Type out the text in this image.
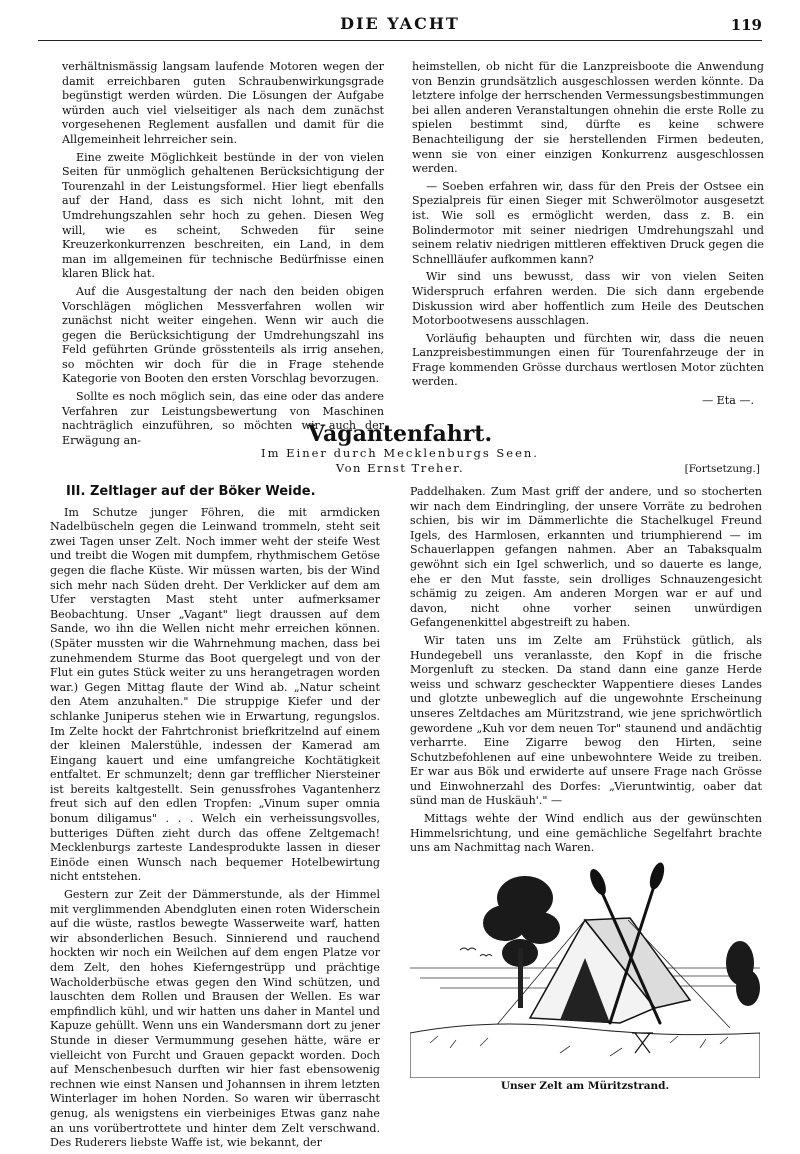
DIE YACHT	119

verhältnismässig langsam laufende Motoren wegen der damit erreichbaren guten Schraubenwirkungsgrade begünstigt werden würden. Die Lösungen der Aufgabe würden auch viel vielseitiger als nach dem zunächst vorgesehenen Reglement ausfallen und damit für die Allgemeinheit lehrreicher sein.

Eine zweite Möglichkeit bestünde in der von vielen Seiten für unmöglich gehaltenen Berücksichtigung der Tourenzahl in der Leistungsformel. Hier liegt ebenfalls auf der Hand, dass es sich nicht lohnt, mit den Umdrehungszahlen sehr hoch zu gehen. Diesen Weg will, wie es scheint, Schweden für seine Kreuzerkonkurrenzen beschreiten, ein Land, in dem man im allgemeinen für technische Bedürfnisse einen klaren Blick hat.

Auf die Ausgestaltung der nach den beiden obigen Vorschlägen möglichen Messverfahren wollen wir zunächst nicht weiter eingehen. Wenn wir auch die gegen die Berücksichtigung der Umdrehungszahl ins Feld geführten Gründe grösstenteils als irrig ansehen, so möchten wir doch für die in Frage stehende Kategorie von Booten den ersten Vorschlag bevorzugen.

Sollte es noch möglich sein, das eine oder das andere Verfahren zur Leistungsbewertung von Maschinen nachträglich einzuführen, so möchten wir auch der Erwägung an-

heimstellen, ob nicht für die Lanzpreisboote die Anwendung von Benzin grundsätzlich ausgeschlossen werden könnte. Da letztere infolge der herrschenden Vermessungsbestimmungen bei allen anderen Veranstaltungen ohnehin die erste Rolle zu spielen bestimmt sind, dürfte es keine schwere Benachteiligung der sie herstellenden Firmen bedeuten, wenn sie von einer einzigen Konkurrenz ausgeschlossen werden.

— Soeben erfahren wir, dass für den Preis der Ostsee ein Spezialpreis für einen Sieger mit Schwerölmotor ausgesetzt ist. Wie soll es ermöglicht werden, dass z. B. ein Bolindermotor mit seiner niedrigen Umdrehungszahl und seinem relativ niedrigen mittleren effektiven Druck gegen die Schnellläufer aufkommen kann?

Wir sind uns bewusst, dass wir von vielen Seiten Widerspruch erfahren werden. Die sich dann ergebende Diskussion wird aber hoffentlich zum Heile des Deutschen Motorbootwesens ausschlagen.

Vorläufig behaupten und fürchten wir, dass die neuen Lanzpreisbestimmungen einen für Tourenfahrzeuge der in Frage kommenden Grösse durchaus wertlosen Motor züchten werden.

— Eta —.
Vagantenfahrt.
Im Einer durch Mecklenburgs Seen.
Von Ernst Treher.	[Fortsetzung.]
III. Zeltlager auf der Böker Weide.

Im Schutze junger Föhren, die mit armdicken Nadelbüscheln gegen die Leinwand trommeln, steht seit zwei Tagen unser Zelt. Noch immer weht der steife West und treibt die Wogen mit dumpfem, rhythmischem Getöse gegen die flache Küste. Wir müssen warten, bis der Wind sich mehr nach Süden dreht. Der Verklicker auf dem am Ufer verstagten Mast steht unter aufmerksamer Beobachtung. Unser „Vagant" liegt draussen auf dem Sande, wo ihn die Wellen nicht mehr erreichen können. (Später mussten wir die Wahrnehmung machen, dass bei zunehmendem Sturme das Boot quergelegt und von der Flut ein gutes Stück weiter zu uns herangetragen worden war.) Gegen Mittag flaute der Wind ab. „Natur scheint den Atem anzuhalten." Die struppige Kiefer und der schlanke Juniperus stehen wie in Erwartung, regungslos. Im Zelte hockt der Fahrtchronist briefkritzelnd auf einem der kleinen Malerstühle, indessen der Kamerad am Eingang kauert und eine umfangreiche Kochtätigkeit entfaltet. Er schmunzelt; denn gar trefflicher Niersteiner ist bereits kaltgestellt. Sein genussfrohes Vagantenherz freut sich auf den edlen Tropfen: „Vinum super omnia bonum diligamus" . . . Welch ein verheissungsvolles, butteriges Düften zieht durch das offene Zeltgemach! Mecklenburgs zarteste Landesprodukte lassen in dieser Einöde einen Wunsch nach bequemer Hotelbewirtung nicht entstehen.

Gestern zur Zeit der Dämmerstunde, als der Himmel mit verglimmenden Abendgluten einen roten Widerschein auf die wüste, rastlos bewegte Wasserweite warf, hatten wir absonderlichen Besuch. Sinnierend und rauchend hockten wir noch ein Weilchen auf dem engen Platze vor dem Zelt, den hohes Kieferngestrüpp und prächtige Wacholderbüsche etwas gegen den Wind schützen, und lauschten dem Rollen und Brausen der Wellen. Es war empfindlich kühl, und wir hatten uns daher in Mantel und Kapuze gehüllt. Wenn uns ein Wandersmann dort zu jener Stunde in dieser Vermummung gesehen hätte, wäre er vielleicht von Furcht und Grauen gepackt worden. Doch auf Menschenbesuch durften wir hier fast ebensowenig rechnen wie einst Nansen und Johannsen in ihrem letzten Winterlager im hohen Norden. So waren wir überrascht genug, als wenigstens ein vierbeiniges Etwas ganz nahe an uns vorübertrottete und hinter dem Zelt verschwand. Des Ruderers liebste Waffe ist, wie bekannt, der

Paddelhaken. Zum Mast griff der andere, und so stocherten wir nach dem Eindringling, der unsere Vorräte zu bedrohen schien, bis wir im Dämmerlichte die Stachelkugel Freund Igels, des Harmlosen, erkannten und triumphierend — im Schauerlappen gefangen nahmen. Aber an Tabaksqualm gewöhnt sich ein Igel schwerlich, und so dauerte es lange, ehe er den Mut fasste, sein drolliges Schnauzengesicht schämig zu zeigen. Am anderen Morgen war er auf und davon, nicht ohne vorher seinen unwürdigen Gefangenenkittel abgestreift zu haben.

Wir taten uns im Zelte am Frühstück gütlich, als Hundegebell uns veranlasste, den Kopf in die frische Morgenluft zu stecken. Da stand dann eine ganze Herde weiss und schwarz gescheckter Wappentiere dieses Landes und glotzte unbeweglich auf die ungewohnte Erscheinung unseres Zeltdaches am Müritzstrand, wie jene sprichwörtlich gewordene „Kuh vor dem neuen Tor" staunend und andächtig verharrte. Eine Zigarre bewog den Hirten, seine Schutzbefohlenen auf eine unbewohntere Weide zu treiben. Er war aus Bök und erwiderte auf unsere Frage nach Grösse und Einwohnerzahl des Dorfes: „Vieruntwintig, oaber dat sünd man de Huskäuh'." —

Mittags wehte der Wind endlich aus der gewünschten Himmelsrichtung, und eine gemächliche Segelfahrt brachte uns am Nachmittag nach Waren.

Unser Zelt am Müritzstrand.
